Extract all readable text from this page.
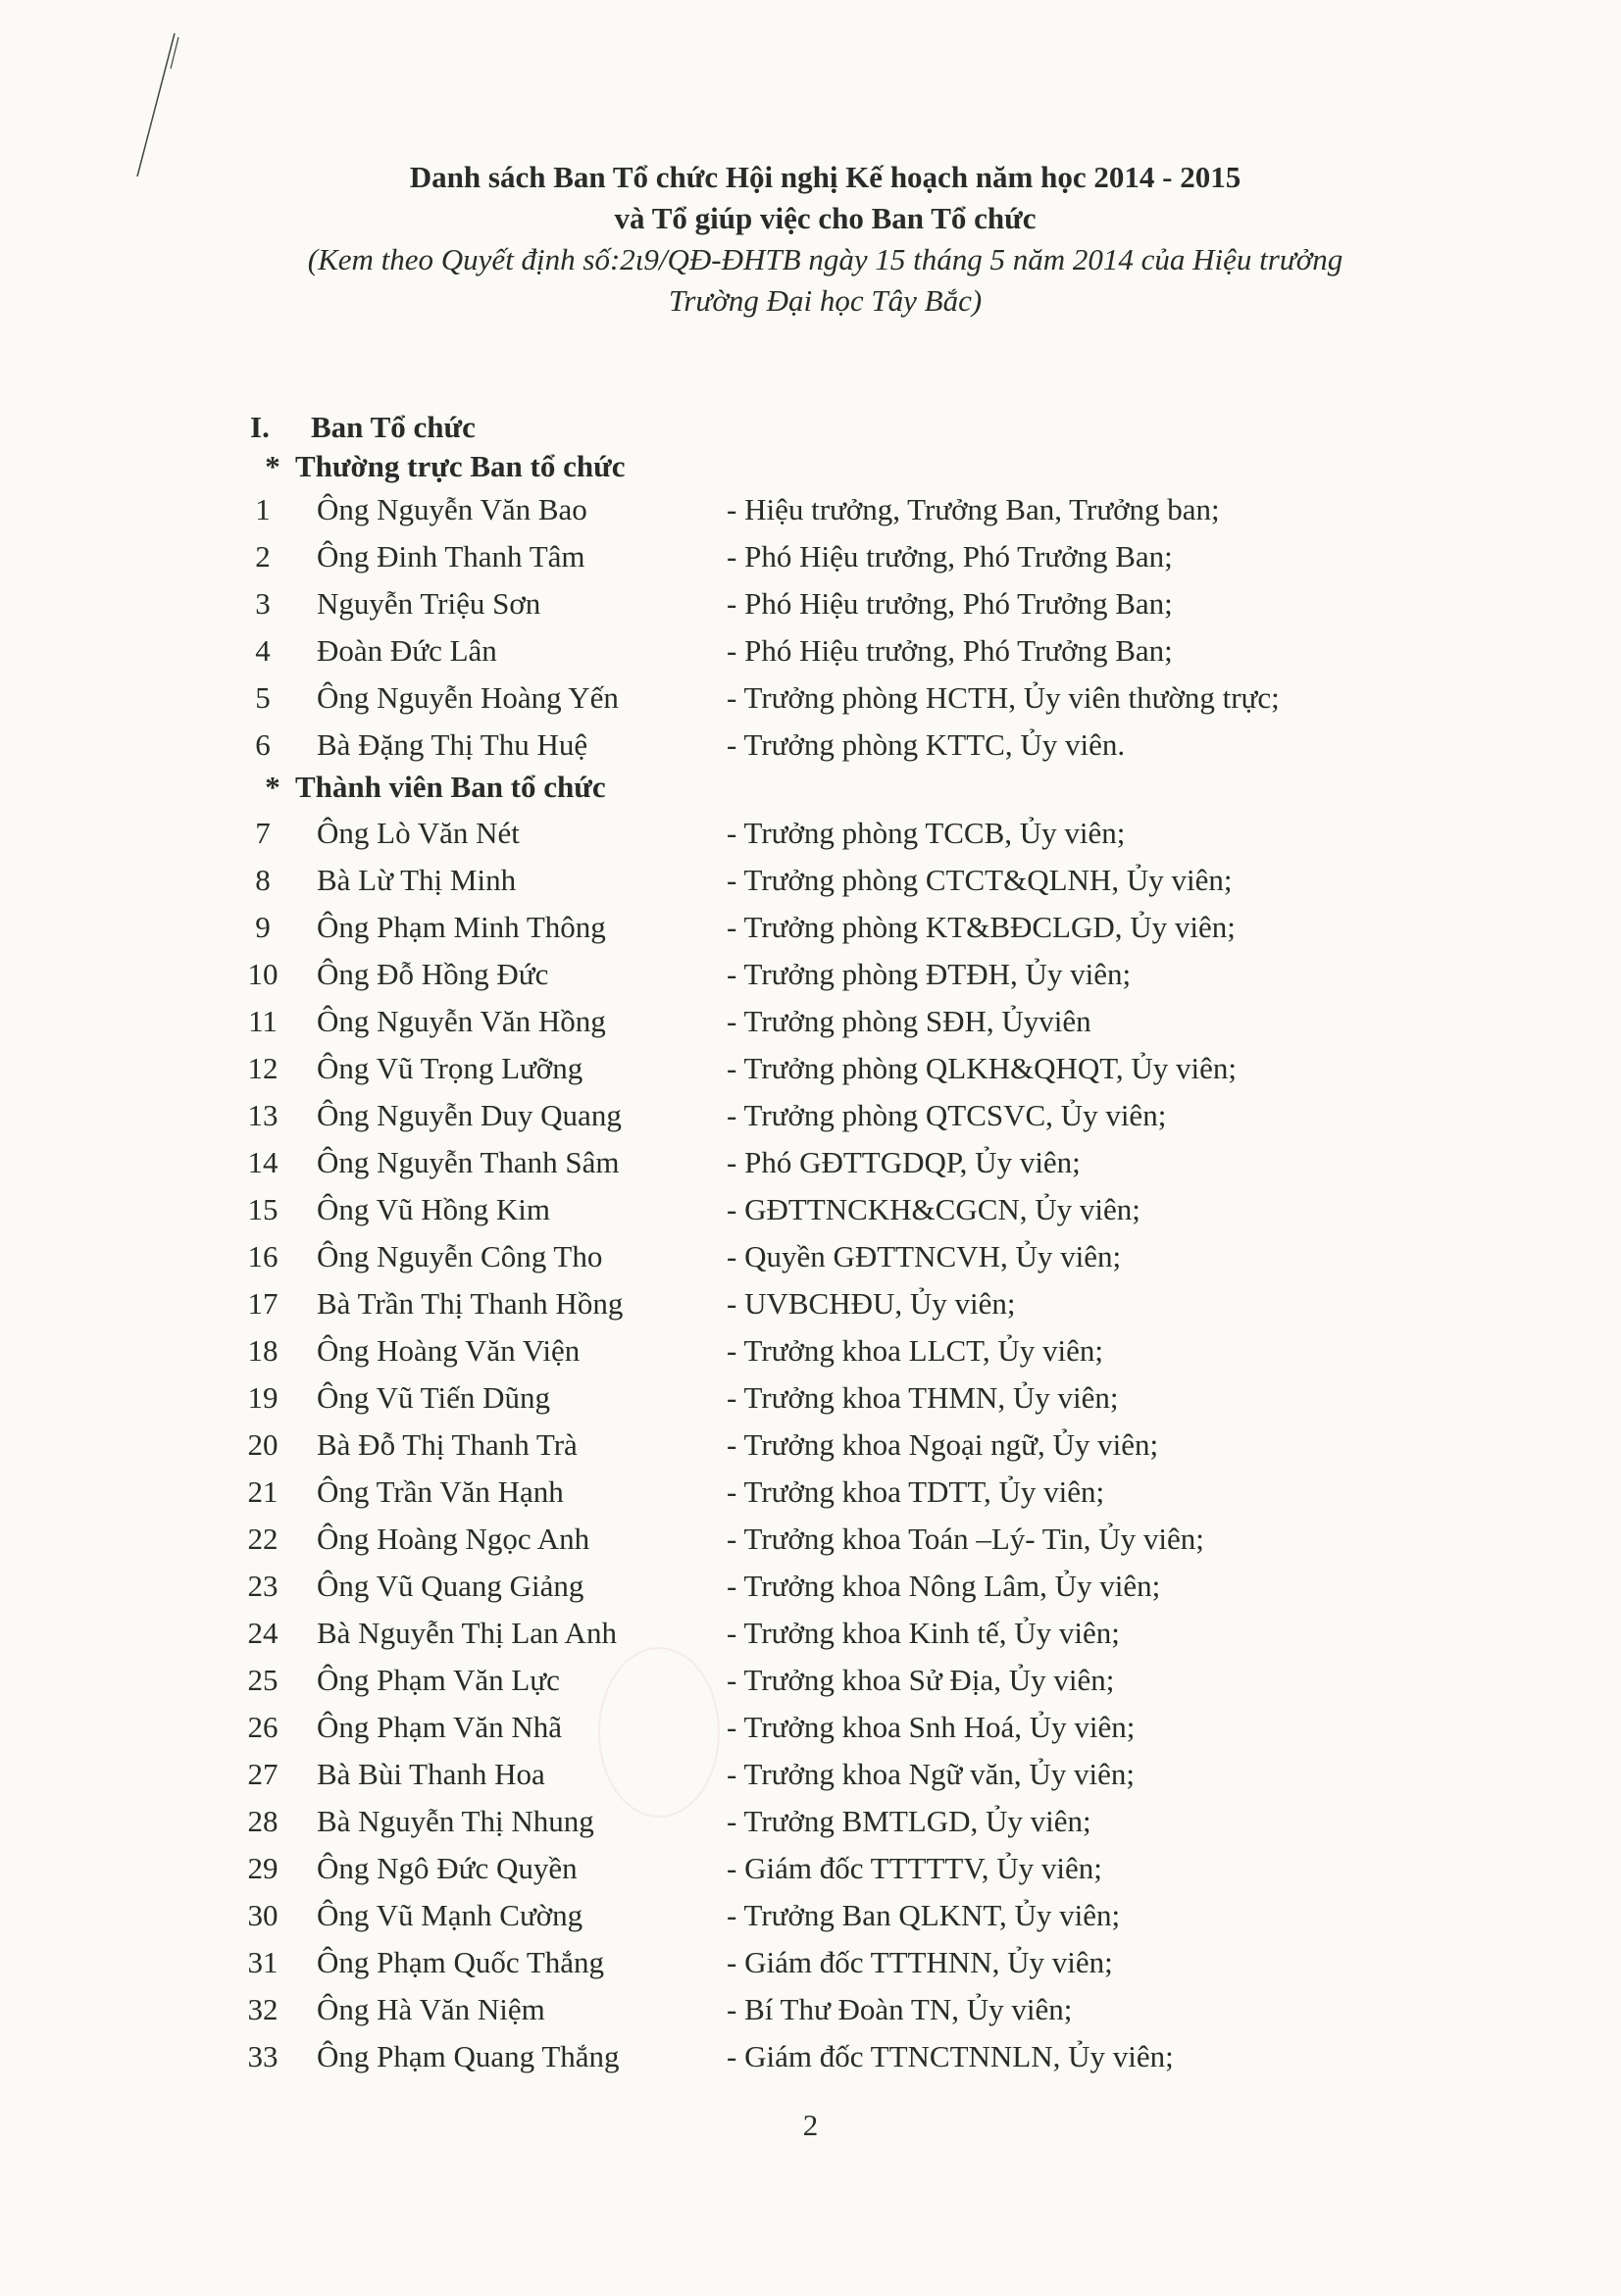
Danh sách Ban Tổ chức Hội nghị Kế hoạch năm học 2014 - 2015
và Tổ giúp việc cho Ban Tổ chức
(Kem theo Quyết định số:2ι9/QĐ-ĐHTB ngày 15 tháng 5 năm 2014 của Hiệu trưởng
Trường Đại học Tây Bắc)
I. Ban Tổ chức
* Thường trực Ban tổ chức
* Thành viên Ban tổ chức
1	Ông Nguyễn Văn Bao	- Hiệu trưởng, Trưởng Ban, Trưởng ban;
2	Ông Đinh Thanh Tâm	- Phó Hiệu trưởng, Phó Trưởng Ban;
3	Nguyễn Triệu Sơn	- Phó Hiệu trưởng, Phó Trưởng Ban;
4	Đoàn Đức Lân	- Phó Hiệu trưởng, Phó Trưởng Ban;
5	Ông Nguyễn Hoàng Yến	- Trưởng phòng HCTH, Ủy viên thường trực;
6	Bà Đặng Thị Thu Huệ	- Trưởng phòng KTTC, Ủy viên.
7	Ông Lò Văn Nét	- Trưởng phòng TCCB, Ủy viên;
8	Bà Lừ Thị Minh	- Trưởng phòng CTCT&QLNH, Ủy viên;
9	Ông Phạm Minh Thông	- Trưởng phòng KT&BĐCLGD, Ủy viên;
10 Ông Đỗ Hồng Đức	- Trưởng phòng ĐTĐH, Ủy viên;
11 Ông Nguyễn Văn Hồng	- Trưởng phòng SĐH, Ủyviên
12 Ông Vũ Trọng Lưỡng	- Trưởng phòng QLKH&QHQT, Ủy viên;
13 Ông Nguyễn Duy Quang	- Trưởng phòng QTCSVC, Ủy viên;
14 Ông Nguyễn Thanh Sâm	- Phó GĐTTGDQP, Ủy viên;
15 Ông Vũ Hồng Kim	- GĐTTNCKH&CGCN, Ủy viên;
16 Ông Nguyễn Công Tho	- Quyền GĐTTNCVH, Ủy viên;
17 Bà Trần Thị Thanh Hồng	- UVBCHĐU, Ủy viên;
18 Ông Hoàng Văn Viện	- Trưởng khoa LLCT, Ủy viên;
19 Ông Vũ Tiến Dũng	- Trưởng khoa THMN, Ủy viên;
20 Bà Đỗ Thị Thanh Trà	- Trưởng khoa Ngoại ngữ, Ủy viên;
21 Ông Trần Văn Hạnh	- Trưởng khoa TDTT, Ủy viên;
22 Ông Hoàng Ngọc Anh	- Trưởng khoa Toán –Lý- Tin, Ủy viên;
23 Ông Vũ Quang Giảng	- Trưởng khoa Nông Lâm, Ủy viên;
24 Bà Nguyễn Thị Lan Anh	- Trưởng khoa Kinh tế, Ủy viên;
25 Ông Phạm Văn Lực	- Trưởng khoa Sử Địa, Ủy viên;
26 Ông Phạm Văn Nhã	- Trưởng khoa Snh Hoá, Ủy viên;
27 Bà Bùi Thanh Hoa	- Trưởng khoa Ngữ văn, Ủy viên;
28 Bà Nguyễn Thị Nhung	- Trưởng BMTLGD, Ủy viên;
29 Ông Ngô Đức Quyền	- Giám đốc TTTTTV, Ủy viên;
30 Ông Vũ Mạnh Cường	- Trưởng Ban QLKNT, Ủy viên;
31 Ông Phạm Quốc Thắng	- Giám đốc TTTHNN, Ủy viên;
32 Ông Hà Văn Niệm	- Bí Thư Đoàn TN, Ủy viên;
33 Ông Phạm Quang Thắng	- Giám đốc TTNCTNNLN, Ủy viên;
2
